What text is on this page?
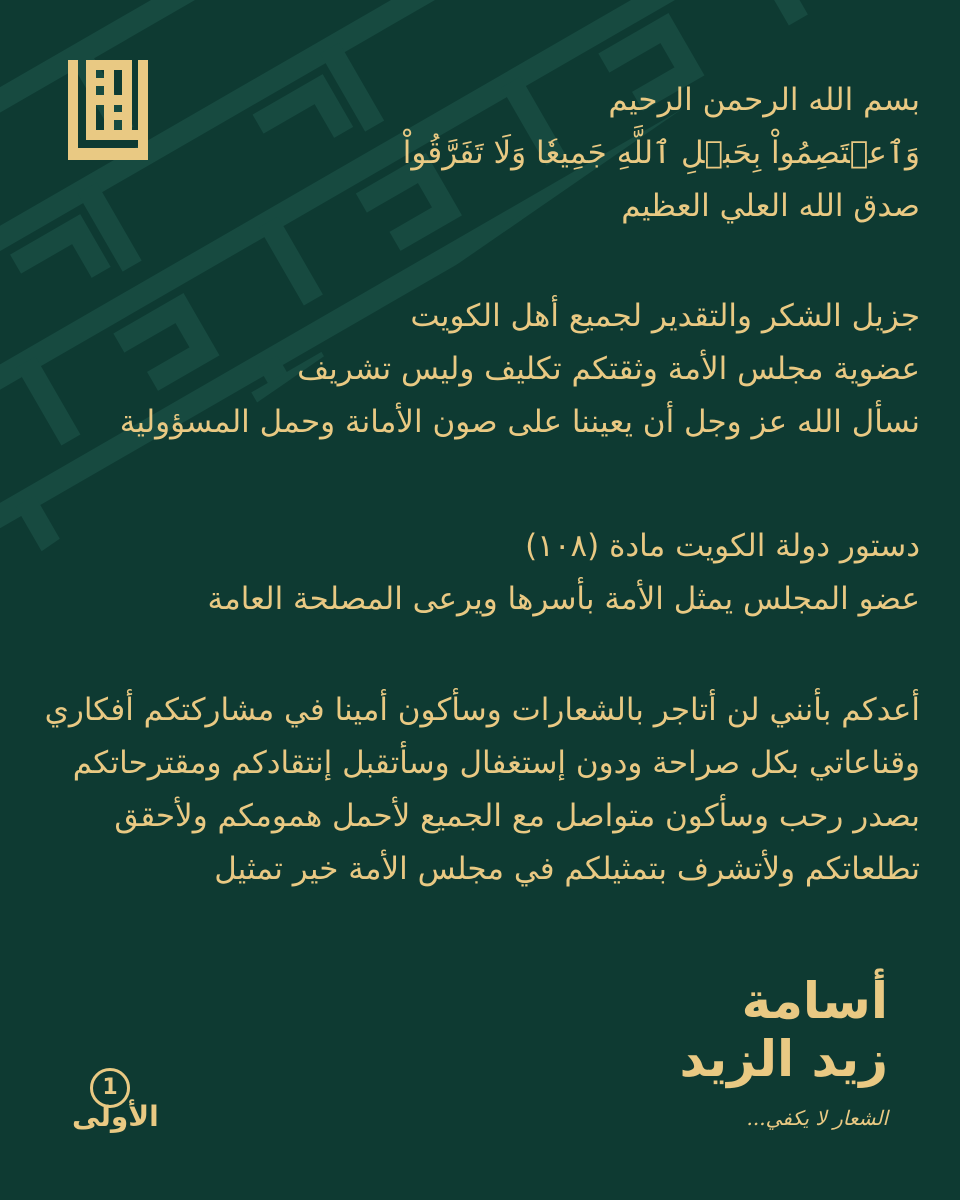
بسم الله الرحمن الرحيم
وَٱعۡتَصِمُواْ بِحَبۡلِ ٱللَّهِ جَمِيعٗا وَلَا تَفَرَّقُواْ
صدق الله العلي العظيم
جزيل الشكر والتقدير لجميع أهل الكويت
عضوية مجلس الأمة وثقتكم تكليف وليس تشريف
نسأل الله عز وجل أن يعيننا على صون الأمانة وحمل المسؤولية
دستور دولة الكويت مادة (١٠٨)
عضو المجلس يمثل الأمة بأسرها ويرعى المصلحة العامة
أعدكم بأنني لن أتاجر بالشعارات وسأكون أمينا في مشاركتكم أفكاري
وقناعاتي بكل صراحة ودون إستغفال وسأتقبل إنتقادكم ومقترحاتكم
بصدر رحب وسأكون متواصل مع الجميع لأحمل همومكم ولأحقق
تطلعاتكم ولأتشرف بتمثيلكم في مجلس الأمة خير تمثيل
أسامة
زيد الزيد
الشعار لا يكفي...
1
الأولى
